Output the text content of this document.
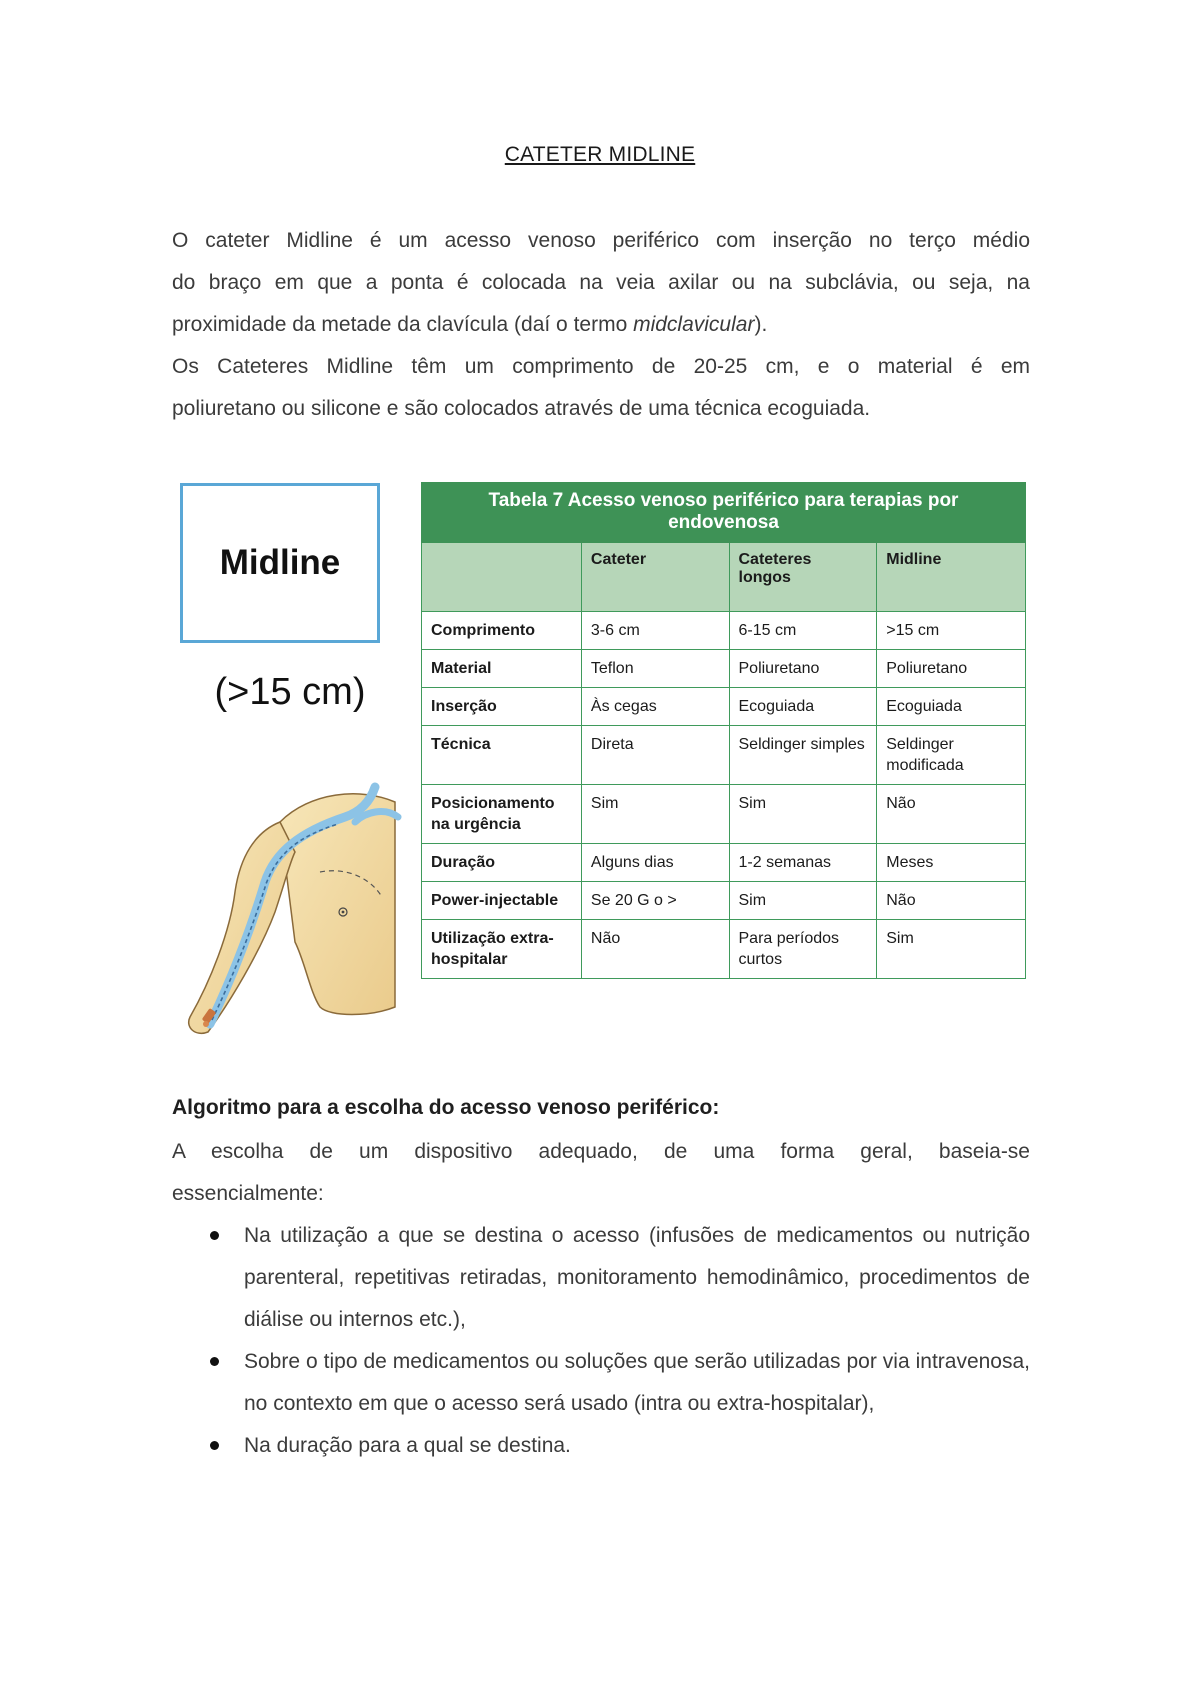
CATETER MIDLINE
O cateter Midline é um acesso venoso periférico com inserção no terço médio
do braço em que a ponta é colocada na veia axilar ou na subclávia, ou seja, na
proximidade da metade da clavícula (daí o termo midclavicular).
Os Cateteres Midline têm um comprimento de 20-25 cm, e o material é em
poliuretano ou silicone e são colocados através de uma técnica ecoguiada.
Midline
(>15 cm)
Tabela 7 Acesso venoso periférico para terapias por endovenosa			
	Cateter	Cateteres longos	Midline
Comprimento	3-6 cm	6-15 cm	>15 cm
Material	Teflon	Poliuretano	Poliuretano
Inserção	Às cegas	Ecoguiada	Ecoguiada
Técnica	Direta	Seldinger simples	Seldinger modificada
Posicionamento na urgência	Sim	Sim	Não
Duração	Alguns dias	1-2 semanas	Meses
Power-injectable	Se 20 G o >	Sim	Não
Utilização extra-hospitalar	Não	Para períodos curtos	Sim
Algoritmo para a escolha do acesso venoso periférico:
A escolha de um dispositivo adequado, de uma forma geral, baseia-se
essencialmente:
Na utilização a que se destina o acesso (infusões de medicamentos ou nutrição parenteral, repetitivas retiradas, monitoramento hemodinâmico, procedimentos de diálise ou internos etc.),
Sobre o tipo de medicamentos ou soluções que serão utilizadas por via intravenosa, no contexto em que o acesso será usado (intra ou extra-hospitalar),
Na duração para a qual se destina.
